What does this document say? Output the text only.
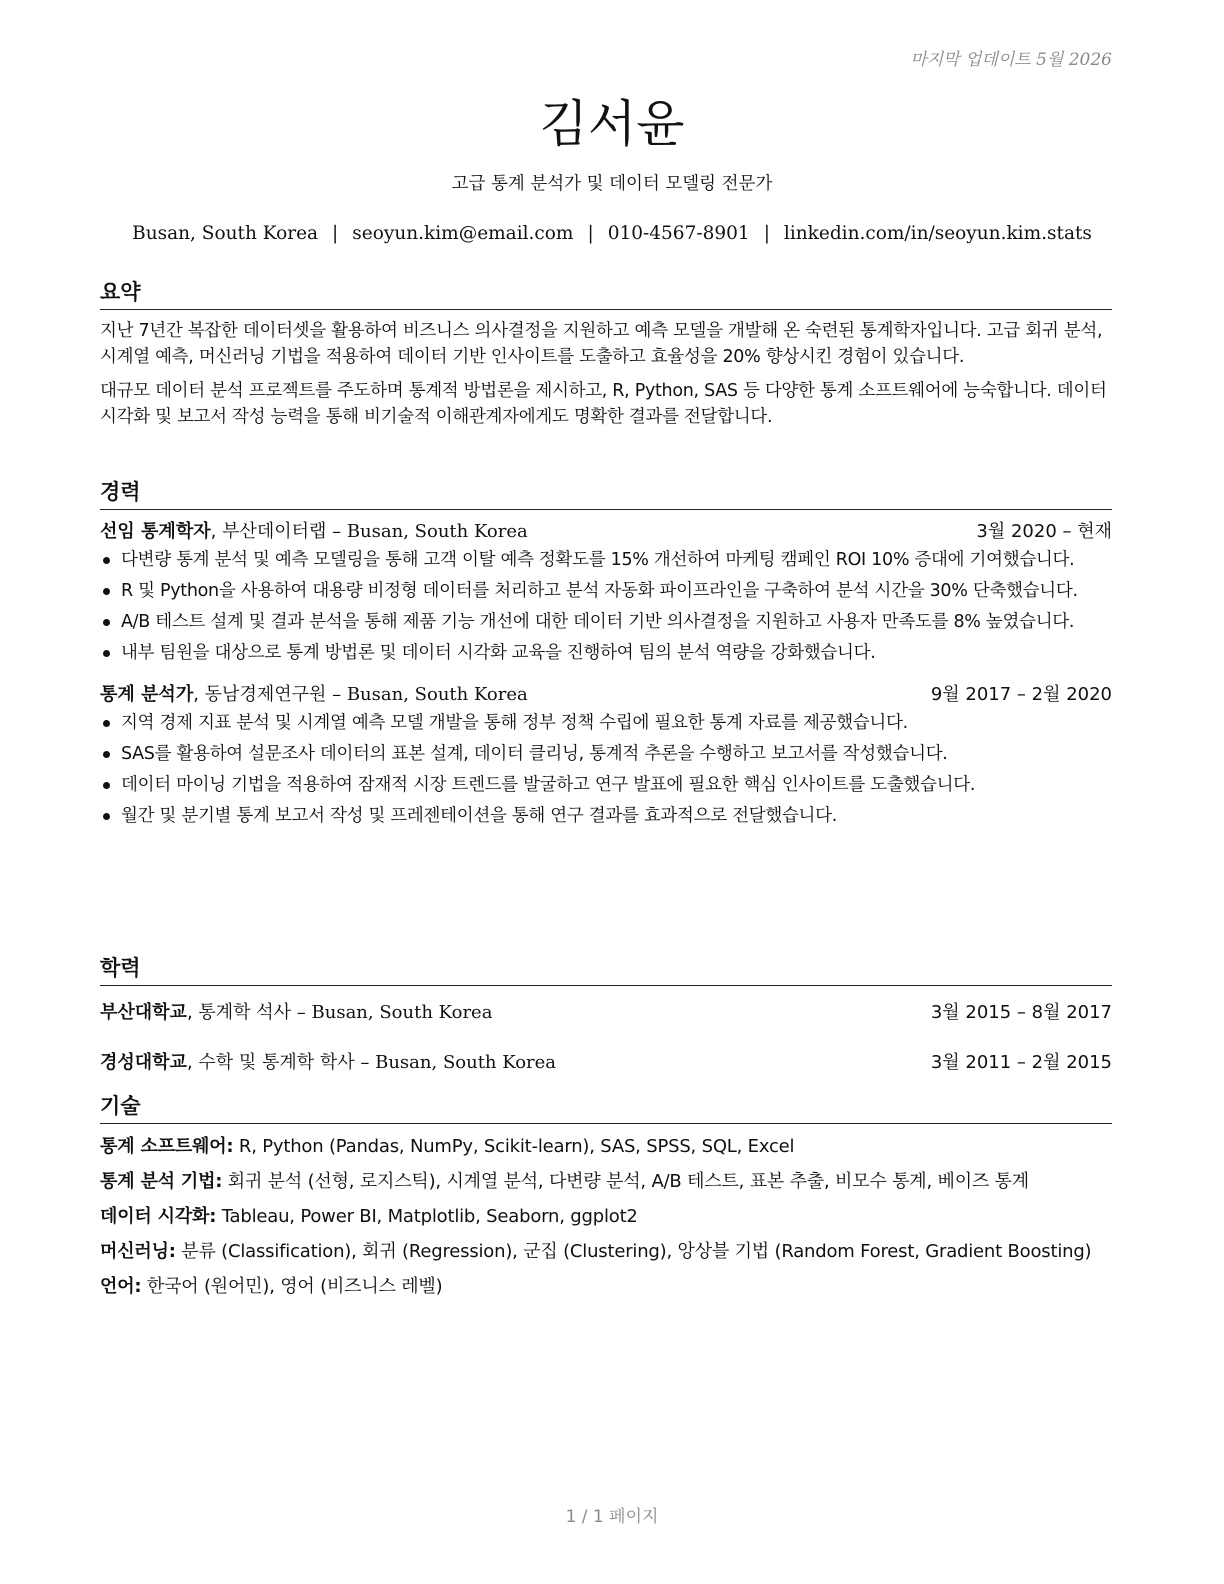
마지막 업데이트 5월 2026
김서윤
고급 통계 분석가 및 데이터 모델링 전문가
Busan, South Korea | seoyun.kim@email.com | 010-4567-8901 | linkedin.com/in/seoyun.kim.stats
요약

지난 7년간 복잡한 데이터셋을 활용하여 비즈니스 의사결정을 지원하고 예측 모델을 개발해 온 숙련된 통계학자입니다. 고급 회귀 분석, 시계열 예측, 머신러닝 기법을 적용하여 데이터 기반 인사이트를 도출하고 효율성을 20% 향상시킨 경험이 있습니다.

대규모 데이터 분석 프로젝트를 주도하며 통계적 방법론을 제시하고, R, Python, SAS 등 다양한 통계 소프트웨어에 능숙합니다. 데이터 시각화 및 보고서 작성 능력을 통해 비기술적 이해관계자에게도 명확한 결과를 전달합니다.

경력
선임 통계학자, 부산데이터랩 – Busan, South Korea	3월 2020 – 현재
다변량 통계 분석 및 예측 모델링을 통해 고객 이탈 예측 정확도를 15% 개선하여 마케팅 캠페인 ROI 10% 증대에 기여했습니다.
R 및 Python을 사용하여 대용량 비정형 데이터를 처리하고 분석 자동화 파이프라인을 구축하여 분석 시간을 30% 단축했습니다.
A/B 테스트 설계 및 결과 분석을 통해 제품 기능 개선에 대한 데이터 기반 의사결정을 지원하고 사용자 만족도를 8% 높였습니다.
내부 팀원을 대상으로 통계 방법론 및 데이터 시각화 교육을 진행하여 팀의 분석 역량을 강화했습니다.
통계 분석가, 동남경제연구원 – Busan, South Korea	9월 2017 – 2월 2020
지역 경제 지표 분석 및 시계열 예측 모델 개발을 통해 정부 정책 수립에 필요한 통계 자료를 제공했습니다.
SAS를 활용하여 설문조사 데이터의 표본 설계, 데이터 클리닝, 통계적 추론을 수행하고 보고서를 작성했습니다.
데이터 마이닝 기법을 적용하여 잠재적 시장 트렌드를 발굴하고 연구 발표에 필요한 핵심 인사이트를 도출했습니다.
월간 및 분기별 통계 보고서 작성 및 프레젠테이션을 통해 연구 결과를 효과적으로 전달했습니다.
학력
부산대학교, 통계학 석사 – Busan, South Korea	3월 2015 – 8월 2017
경성대학교, 수학 및 통계학 학사 – Busan, South Korea	3월 2011 – 2월 2015
기술
통계 소프트웨어: R, Python (Pandas, NumPy, Scikit-learn), SAS, SPSS, SQL, Excel
통계 분석 기법: 회귀 분석 (선형, 로지스틱), 시계열 분석, 다변량 분석, A/B 테스트, 표본 추출, 비모수 통계, 베이즈 통계
데이터 시각화: Tableau, Power BI, Matplotlib, Seaborn, ggplot2
머신러닝: 분류 (Classification), 회귀 (Regression), 군집 (Clustering), 앙상블 기법 (Random Forest, Gradient Boosting)
언어: 한국어 (원어민), 영어 (비즈니스 레벨)
1 / 1 페이지
